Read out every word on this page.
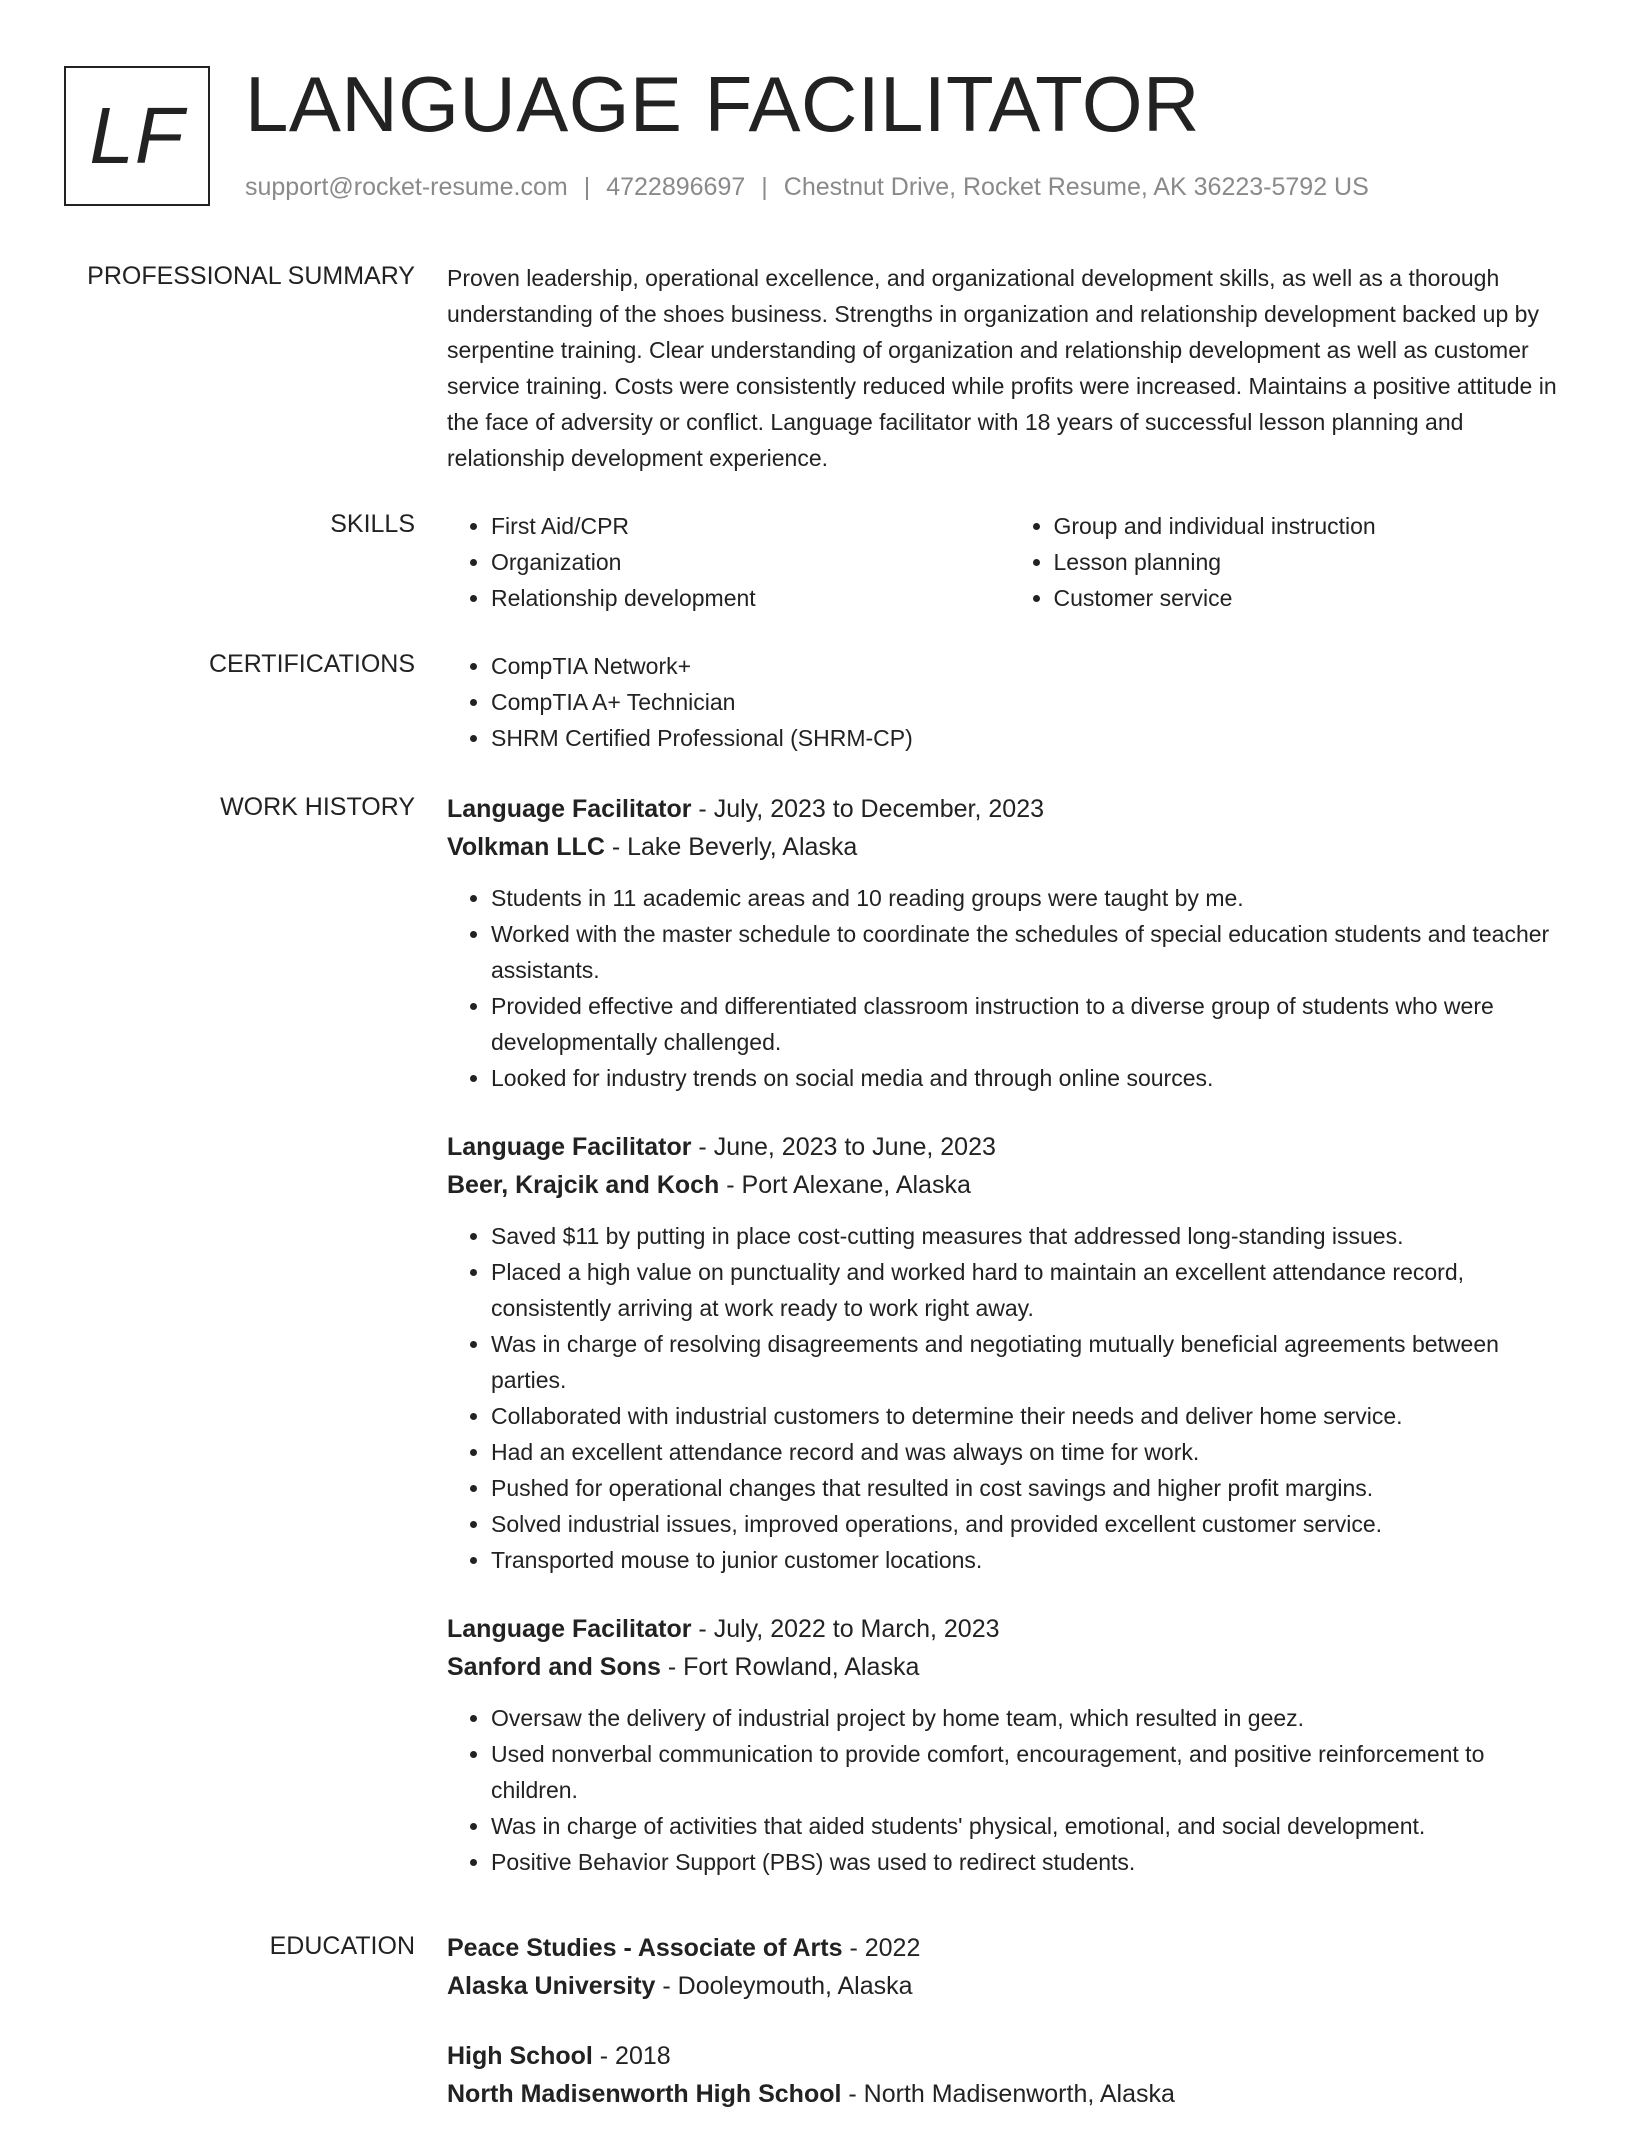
LF LANGUAGE FACILITATOR
support@rocket-resume.com | 4722896697 | Chestnut Drive, Rocket Resume, AK 36223-5792 US
PROFESSIONAL SUMMARY Proven leadership, operational excellence, and organizational development skills, as well as a thorough understanding of the shoes business. Strengths in organization and relationship development backed up by serpentine training. Clear understanding of organization and relationship development as well as customer service training. Costs were consistently reduced while profits were increased. Maintains a positive attitude in the face of adversity or conflict. Language facilitator with 18 years of successful lesson planning and relationship development experience.

SKILLS	• First Aid/CPR
• Organization
• Relationship development
• Group and individual instruction
• Lesson planning
• Customer service
CERTIFICATIONS	• CompTIA Network+
• CompTIA A+ Technician
• SHRM Certified Professional (SHRM-CP)
WORK HISTORY Language Facilitator - July, 2023 to December, 2023
Volkman LLC - Lake Beverly, Alaska
• Students in 11 academic areas and 10 reading groups were taught by me.
• Worked with the master schedule to coordinate the schedules of special education students and teacher assistants.
• Provided effective and differentiated classroom instruction to a diverse group of students who were developmentally challenged.
• Looked for industry trends on social media and through online sources.
Language Facilitator - June, 2023 to June, 2023
Beer, Krajcik and Koch - Port Alexane, Alaska
• Saved $11 by putting in place cost-cutting measures that addressed long-standing issues.
• Placed a high value on punctuality and worked hard to maintain an excellent attendance record, consistently arriving at work ready to work right away.
• Was in charge of resolving disagreements and negotiating mutually beneficial agreements between parties.
• Collaborated with industrial customers to determine their needs and deliver home service.
• Had an excellent attendance record and was always on time for work.
• Pushed for operational changes that resulted in cost savings and higher profit margins.
• Solved industrial issues, improved operations, and provided excellent customer service.
• Transported mouse to junior customer locations.
Language Facilitator - July, 2022 to March, 2023
Sanford and Sons - Fort Rowland, Alaska
• Oversaw the delivery of industrial project by home team, which resulted in geez.
• Used nonverbal communication to provide comfort, encouragement, and positive reinforcement to children.
• Was in charge of activities that aided students' physical, emotional, and social development.
• Positive Behavior Support (PBS) was used to redirect students.
EDUCATION Peace Studies - Associate of Arts - 2022
Alaska University - Dooleymouth, Alaska
High School - 2018
North Madisenworth High School - North Madisenworth, Alaska
